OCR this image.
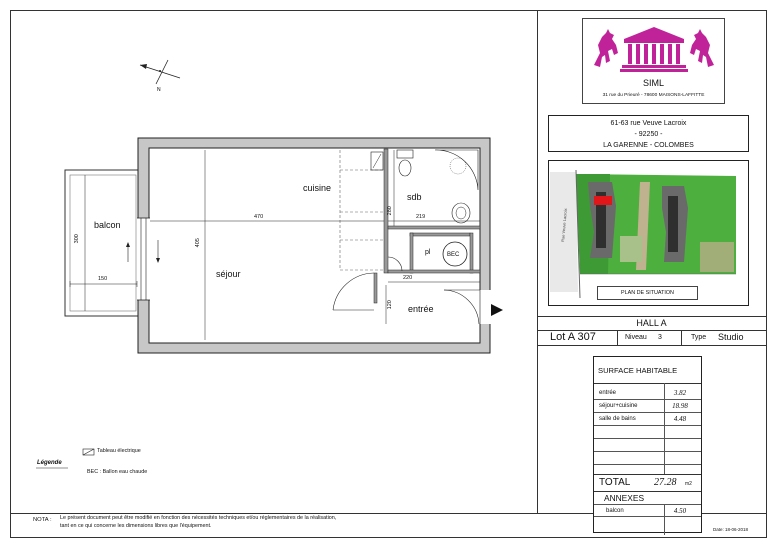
SIML
31 rue du Prieuré - 78600 MAISONS-LAFFITTE
61-63 rue Veuve Lacroix
- 92250 -
LA GARENNE - COLOMBES
Rue Veuve Lacroix
PLAN DE SITUATION
HALL A
Lot A 307	Niveau 3	Type Studio
SURFACE HABITABLE
entrée	3.82
séjour+cuisine	18.98
salle de bains	4.48
TOTAL 27.28 m2
ANNEXES
balcon	4.50
N
balcon
séjour
cuisine
sdb
entrée
pl	BEC
300
150
470
405
219
280
220
120
Légende
Tableau électrique
BEC : Ballon eau chaude
NOTA : Le présent document peut être modifié en fonction des nécessités techniques et/ou réglementaires de la réalisation,
tant en ce qui concerne les dimensions libres que l'équipement.
Date: 18-06-2018
